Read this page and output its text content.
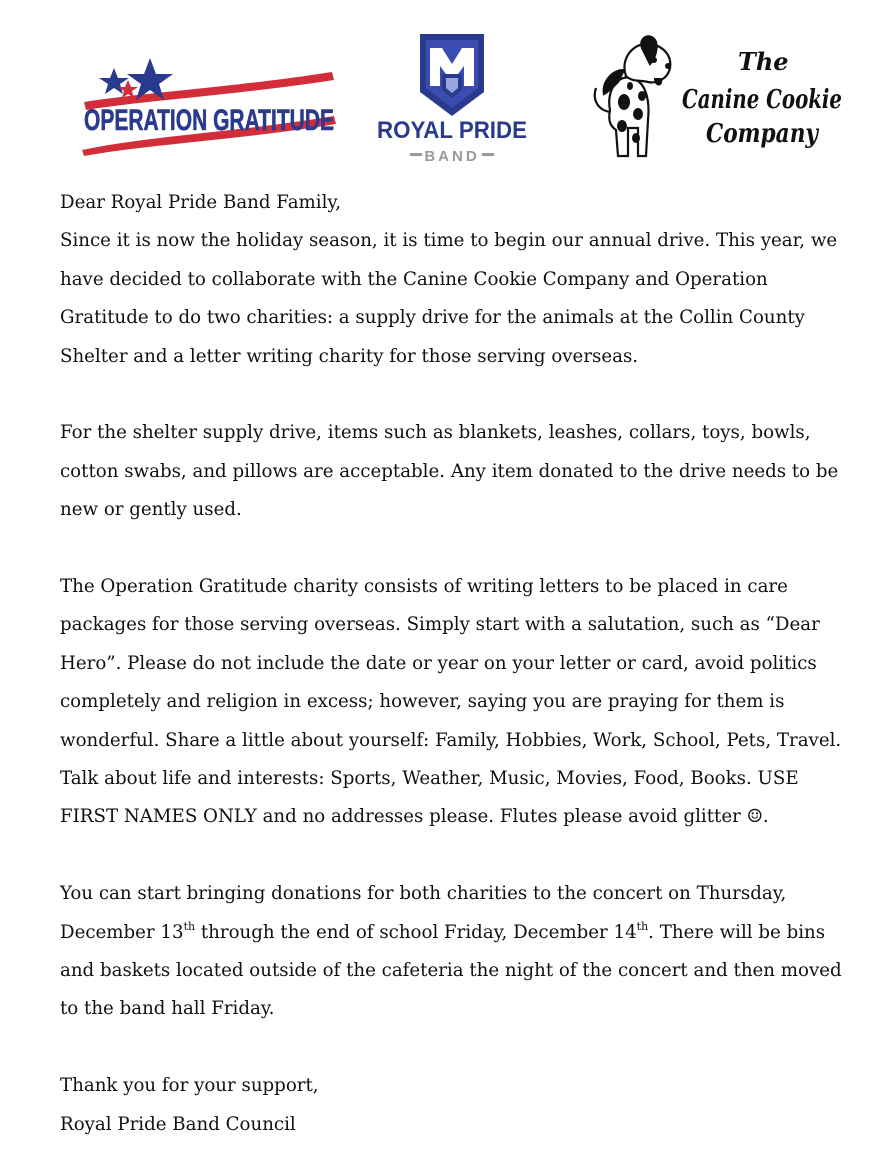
OPERATION GRATITUDE ROYAL PRIDE
BAND
The
Canine Cookie
Company

Dear Royal Pride Band Family,
Since it is now the holiday season, it is time to begin our annual drive. This year, we
have decided to collaborate with the Canine Cookie Company and Operation
Gratitude to do two charities: a supply drive for the animals at the Collin County
Shelter and a letter writing charity for those serving overseas.

For the shelter supply drive, items such as blankets, leashes, collars, toys, bowls,
cotton swabs, and pillows are acceptable. Any item donated to the drive needs to be
new or gently used.

The Operation Gratitude charity consists of writing letters to be placed in care
packages for those serving overseas. Simply start with a salutation, such as “Dear
Hero”. Please do not include the date or year on your letter or card, avoid politics
completely and religion in excess; however, saying you are praying for them is
wonderful. Share a little about yourself: Family, Hobbies, Work, School, Pets, Travel.
Talk about life and interests: Sports, Weather, Music, Movies, Food, Books. USE
FIRST NAMES ONLY and no addresses please. Flutes please avoid glitter ☺.

You can start bringing donations for both charities to the concert on Thursday,
December 13th through the end of school Friday, December 14th. There will be bins
and baskets located outside of the cafeteria the night of the concert and then moved
to the band hall Friday.

Thank you for your support,
Royal Pride Band Council
